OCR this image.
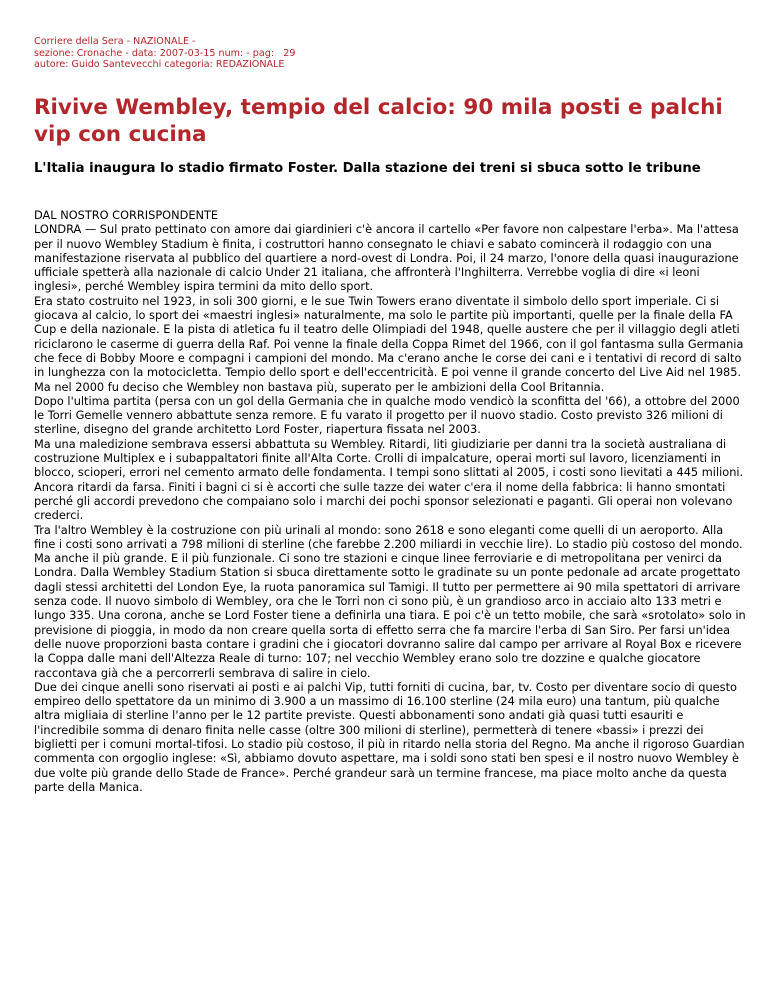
Corriere della Sera - NAZIONALE -
sezione: Cronache - data: 2007-03-15 num: - pag:   29
autore: Guido Santevecchi categoria: REDAZIONALE
Rivive Wembley, tempio del calcio: 90 mila posti e palchi vip con cucina
L'Italia inaugura lo stadio firmato Foster. Dalla stazione dei treni si sbuca sotto le tribune

DAL NOSTRO CORRISPONDENTE

LONDRA — Sul prato pettinato con amore dai giardinieri c'è ancora il cartello «Per favore non calpestare l'erba». Ma l'attesa per il nuovo Wembley Stadium è finita, i costruttori hanno consegnato le chiavi e sabato comincerà il rodaggio con una manifestazione riservata al pubblico del quartiere a nord-ovest di Londra. Poi, il 24 marzo, l'onore della quasi inaugurazione ufficiale spetterà alla nazionale di calcio Under 21 italiana, che affronterà l'Inghilterra. Verrebbe voglia di dire «i leoni inglesi», perché Wembley ispira termini da mito dello sport.

Era stato costruito nel 1923, in soli 300 giorni, e le sue Twin Towers erano diventate il simbolo dello sport imperiale. Ci si giocava al calcio, lo sport dei «maestri inglesi» naturalmente, ma solo le partite più importanti, quelle per la finale della FA Cup e della nazionale. E la pista di atletica fu il teatro delle Olimpiadi del 1948, quelle austere che per il villaggio degli atleti riciclarono le caserme di guerra della Raf. Poi venne la finale della Coppa Rimet del 1966, con il gol fantasma sulla Germania che fece di Bobby Moore e compagni i campioni del mondo. Ma c'erano anche le corse dei cani e i tentativi di record di salto in lunghezza con la motocicletta. Tempio dello sport e dell'eccentricità. E poi venne il grande concerto del Live Aid nel 1985. Ma nel 2000 fu deciso che Wembley non bastava più, superato per le ambizioni della Cool Britannia.

Dopo l'ultima partita (persa con un gol della Germania che in qualche modo vendicò la sconfitta del '66), a ottobre del 2000 le Torri Gemelle vennero abbattute senza remore. E fu varato il progetto per il nuovo stadio. Costo previsto 326 milioni di sterline, disegno del grande architetto Lord Foster, riapertura fissata nel 2003.

Ma una maledizione sembrava essersi abbattuta su Wembley. Ritardi, liti giudiziarie per danni tra la società australiana di costruzione Multiplex e i subappaltatori finite all'Alta Corte. Crolli di impalcature, operai morti sul lavoro, licenziamenti in blocco, scioperi, errori nel cemento armato delle fondamenta. I tempi sono slittati al 2005, i costi sono lievitati a 445 milioni. Ancora ritardi da farsa. Finiti i bagni ci si è accorti che sulle tazze dei water c'era il nome della fabbrica: li hanno smontati perché gli accordi prevedono che compaiano solo i marchi dei pochi sponsor selezionati e paganti. Gli operai non volevano crederci.

Tra l'altro Wembley è la costruzione con più urinali al mondo: sono 2618 e sono eleganti come quelli di un aeroporto. Alla fine i costi sono arrivati a 798 milioni di sterline (che farebbe 2.200 miliardi in vecchie lire). Lo stadio più costoso del mondo. Ma anche il più grande. E il più funzionale. Ci sono tre stazioni e cinque linee ferroviarie e di metropolitana per venirci da Londra. Dalla Wembley Stadium Station si sbuca direttamente sotto le gradinate su un ponte pedonale ad arcate progettato dagli stessi architetti del London Eye, la ruota panoramica sul Tamigi. Il tutto per permettere ai 90 mila spettatori di arrivare senza code. Il nuovo simbolo di Wembley, ora che le Torri non ci sono più, è un grandioso arco in acciaio alto 133 metri e lungo 335. Una corona, anche se Lord Foster tiene a definirla una tiara. E poi c'è un tetto mobile, che sarà «srotolato» solo in previsione di pioggia, in modo da non creare quella sorta di effetto serra che fa marcire l'erba di San Siro. Per farsi un'idea delle nuove proporzioni basta contare i gradini che i giocatori dovranno salire dal campo per arrivare al Royal Box e ricevere la Coppa dalle mani dell'Altezza Reale di turno: 107; nel vecchio Wembley erano solo tre dozzine e qualche giocatore raccontava già che a percorrerli sembrava di salire in cielo.

Due dei cinque anelli sono riservati ai posti e ai palchi Vip, tutti forniti di cucina, bar, tv. Costo per diventare socio di questo empireo dello spettatore da un minimo di 3.900 a un massimo di 16.100 sterline (24 mila euro) una tantum, più qualche altra migliaia di sterline l'anno per le 12 partite previste. Questi abbonamenti sono andati già quasi tutti esauriti e l'incredibile somma di denaro finita nelle casse (oltre 300 milioni di sterline), permetterà di tenere «bassi» i prezzi dei biglietti per i comuni mortal-tifosi. Lo stadio più costoso, il più in ritardo nella storia del Regno. Ma anche il rigoroso Guardian commenta con orgoglio inglese: «Sì, abbiamo dovuto aspettare, ma i soldi sono stati ben spesi e il nostro nuovo Wembley è due volte più grande dello Stade de France». Perché grandeur sarà un termine francese, ma piace molto anche da questa parte della Manica.
